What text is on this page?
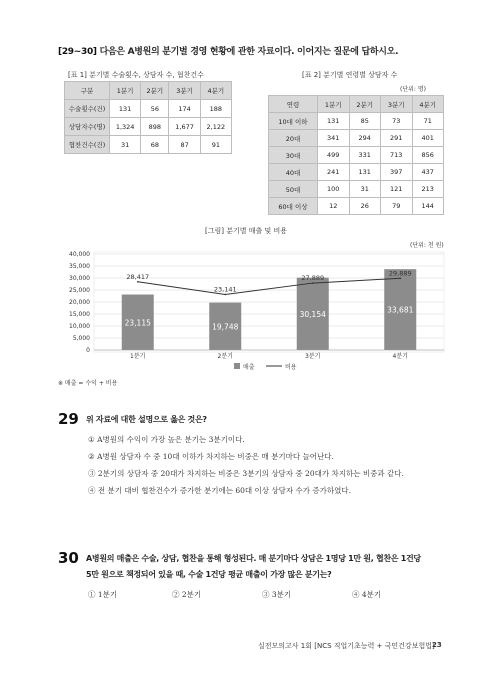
[29~30] 다음은 A병원의 분기별 경영 현황에 관한 자료이다. 이어지는 질문에 답하시오.
[표 1] 분기별 수술횟수, 상담자 수, 협찬건수
구분	1분기	2분기	3분기	4분기
수술횟수(건)	131	56	174	188
상담자수(명)	1,324	898	1,677	2,122
협찬건수(건)	31	68	87	91
[표 2] 분기별 연령별 상담자 수
(단위: 명)
연령	1분기	2분기	3분기	4분기
10대 이하	131	85	73	71
20대	341	294	291	401
30대	499	331	713	856
40대	241	131	397	437
50대	100	31	121	213
60대 이상	12	26	79	144
[그림] 분기별 매출 및 비용
(단위: 천 원)
0
5,000
10,000
15,000
20,000
25,000
30,000
35,000
40,000
23,115	19,748
30,154	33,681
28,417
23,141
27,889
29,889
1분기	2분기	3분기	4분기
매출	비용
※ 매출 = 수익 + 비용
29 위 자료에 대한 설명으로 옳은 것은?
① A병원의 수익이 가장 높은 분기는 3분기이다.
② A병원 상담자 수 중 10대 이하가 차지하는 비중은 매 분기마다 늘어난다.
③ 2분기의 상담자 중 20대가 차지하는 비중은 3분기의 상담자 중 20대가 차지하는 비중과 같다.
④ 전 분기 대비 협찬건수가 증가한 분기에는 60대 이상 상담자 수가 증가하였다.
30 A병원의 매출은 수술, 상담, 협찬을 통해 형성된다. 매 분기마다 상담은 1명당 1만 원, 협찬은 1건당
5만 원으로 책정되어 있을 때, 수술 1건당 평균 매출이 가장 많은 분기는?
① 1분기	② 2분기	③ 3분기	④ 4분기
실전모의고사 1회 [NCS 직업기초능력 + 국민건강보험법]
23
